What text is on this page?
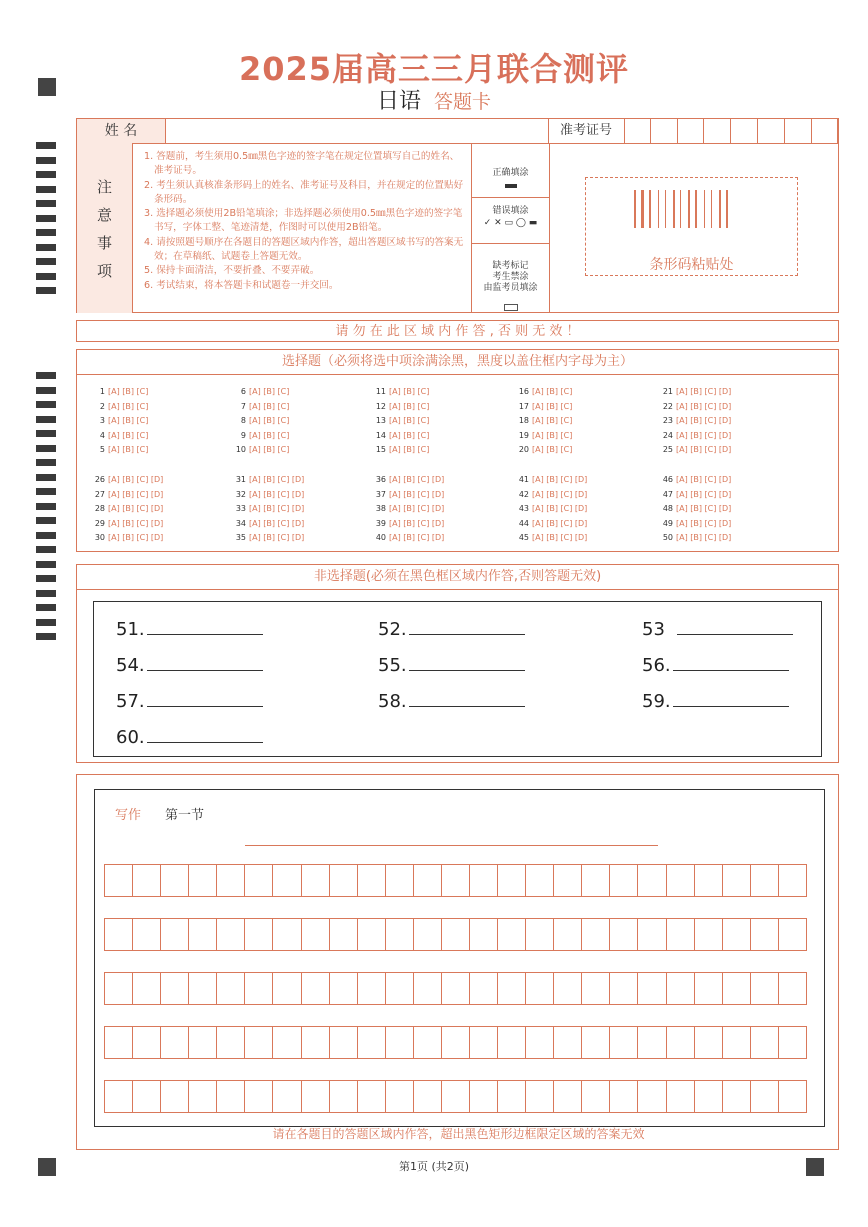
2025届高三三月联合测评
日语 答题卡
姓 名	准考证号
注
意
事
项
1. 答题前，考生须用0.5㎜黑色字迹的签字笔在规定位置填写自己的姓名、准考证号。
2. 考生须认真核准条形码上的姓名、准考证号及科目，并在规定的位置贴好条形码。
3. 选择题必须使用2B铅笔填涂；非选择题必须使用0.5㎜黑色字迹的签字笔书写，字体工整、笔迹清楚，作图时可以使用2B铅笔。
4. 请按照题号顺序在各题目的答题区域内作答，超出答题区域书写的答案无效；在草稿纸、试题卷上答题无效。
5. 保持卡面清洁，不要折叠、不要弄破。
6. 考试结束，将本答题卡和试题卷一并交回。
正确填涂
错误填涂
✓ ✕ ▭ ◯ ▬
缺考标记
考生禁涂
由监考员填涂
条形码粘贴处
请 勿 在 此 区 域 内 作 答 , 否 则 无 效 ！
选择题（必须将选中项涂满涂黑，黑度以盖住框内字母为主）
1 [A] [B] [C]
2 [A] [B] [C]
3 [A] [B] [C]
4 [A] [B] [C]
5 [A] [B] [C]
6 [A] [B] [C]
7 [A] [B] [C]
8 [A] [B] [C]
9 [A] [B] [C]
10 [A] [B] [C]
11 [A] [B] [C]
12 [A] [B] [C]
13 [A] [B] [C]
14 [A] [B] [C]
15 [A] [B] [C]
16 [A] [B] [C]
17 [A] [B] [C]
18 [A] [B] [C]
19 [A] [B] [C]
20 [A] [B] [C]
21 [A] [B] [C] [D]
22 [A] [B] [C] [D]
23 [A] [B] [C] [D]
24 [A] [B] [C] [D]
25 [A] [B] [C] [D]
26 [A] [B] [C] [D]
27 [A] [B] [C] [D]
28 [A] [B] [C] [D]
29 [A] [B] [C] [D]
30 [A] [B] [C] [D]
31 [A] [B] [C] [D]
32 [A] [B] [C] [D]
33 [A] [B] [C] [D]
34 [A] [B] [C] [D]
35 [A] [B] [C] [D]
36 [A] [B] [C] [D]
37 [A] [B] [C] [D]
38 [A] [B] [C] [D]
39 [A] [B] [C] [D]
40 [A] [B] [C] [D]
41 [A] [B] [C] [D]
42 [A] [B] [C] [D]
43 [A] [B] [C] [D]
44 [A] [B] [C] [D]
45 [A] [B] [C] [D]
46 [A] [B] [C] [D]
47 [A] [B] [C] [D]
48 [A] [B] [C] [D]
49 [A] [B] [C] [D]
50 [A] [B] [C] [D]
非选择题(必须在黑色框区域内作答,否则答题无效)
51.	52.	53
54.	55.	56.
57.	58.	59.
60.
写作 第一节
请在各题目的答题区域内作答，超出黑色矩形边框限定区域的答案无效
第1页 (共2页)
